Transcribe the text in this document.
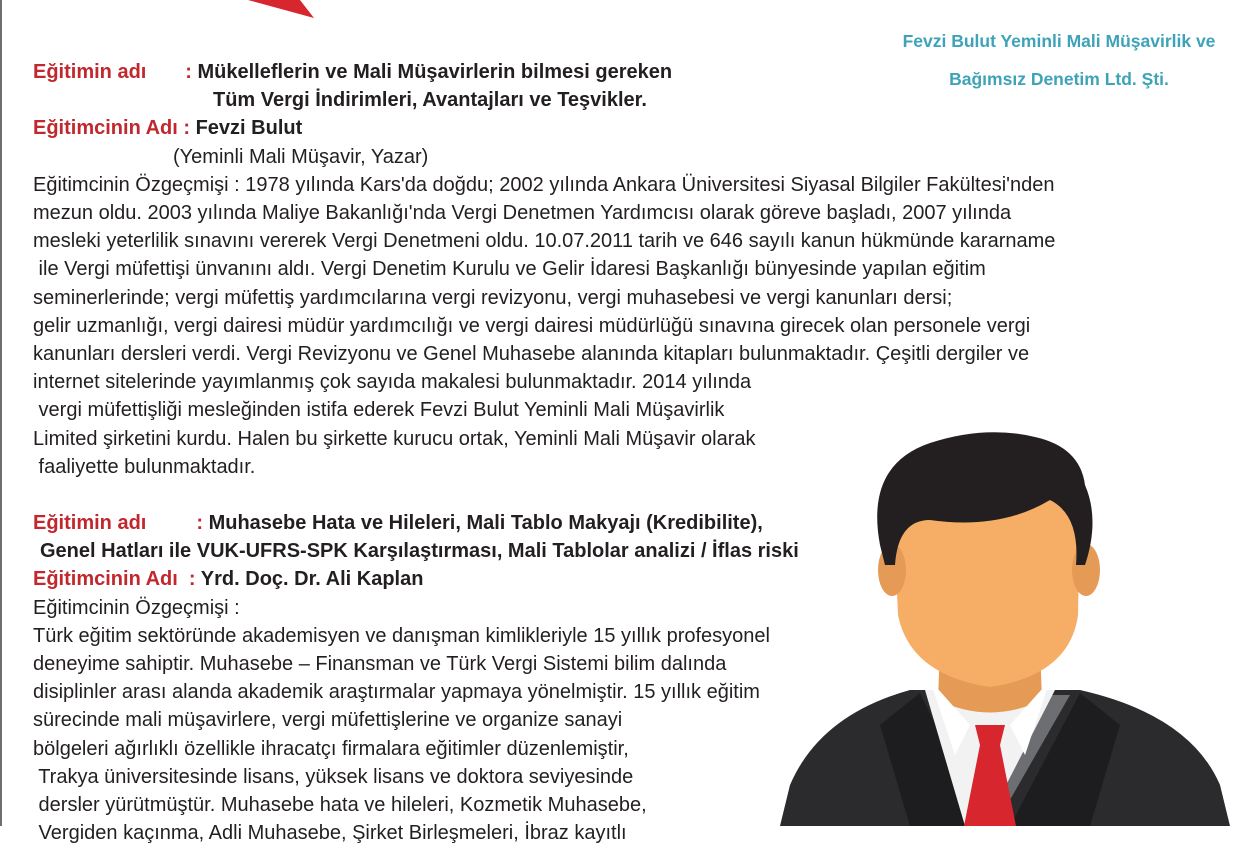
Fevzi Bulut Yeminli Mali Müşavirlik ve
Bağımsız Denetim Ltd. Şti.
Eğitimin adı       : Mükelleflerin ve Mali Müşavirlerin bilmesi gereken
Tüm Vergi İndirimleri, Avantajları ve Teşvikler.
Eğitimcinin Adı : Fevzi Bulut
(Yeminli Mali Müşavir, Yazar)
Eğitimcinin Özgeçmişi : 1978 yılında Kars'da doğdu; 2002 yılında Ankara Üniversitesi Siyasal Bilgiler Fakültesi'nden
mezun oldu. 2003 yılında Maliye Bakanlığı'nda Vergi Denetmen Yardımcısı olarak göreve başladı, 2007 yılında
mesleki yeterlilik sınavını vererek Vergi Denetmeni oldu. 10.07.2011 tarih ve 646 sayılı kanun hükmünde kararname
ile Vergi müfettişi ünvanını aldı. Vergi Denetim Kurulu ve Gelir İdaresi Başkanlığı bünyesinde yapılan eğitim
seminerlerinde; vergi müfettiş yardımcılarına vergi revizyonu, vergi muhasebesi ve vergi kanunları dersi;
gelir uzmanlığı, vergi dairesi müdür yardımcılığı ve vergi dairesi müdürlüğü sınavına girecek olan personele vergi
kanunları dersleri verdi. Vergi Revizyonu ve Genel Muhasebe alanında kitapları bulunmaktadır. Çeşitli dergiler ve
internet sitelerinde yayımlanmış çok sayıda makalesi bulunmaktadır. 2014 yılında
vergi müfettişliği mesleğinden istifa ederek Fevzi Bulut Yeminli Mali Müşavirlik
Limited şirketini kurdu. Halen bu şirkette kurucu ortak, Yeminli Mali Müşavir olarak
faaliyette bulunmaktadır.
Eğitimin adı         : Muhasebe Hata ve Hileleri, Mali Tablo Makyajı (Kredibilite),
Genel Hatları ile VUK-UFRS-SPK Karşılaştırması, Mali Tablolar analizi / İflas riski
Eğitimcinin Adı  : Yrd. Doç. Dr. Ali Kaplan
Eğitimcinin Özgeçmişi :
Türk eğitim sektöründe akademisyen ve danışman kimlikleriyle 15 yıllık profesyonel
deneyime sahiptir. Muhasebe – Finansman ve Türk Vergi Sistemi bilim dalında
disiplinler arası alanda akademik araştırmalar yapmaya yönelmiştir. 15 yıllık eğitim
sürecinde mali müşavirlere, vergi müfettişlerine ve organize sanayi
bölgeleri ağırlıklı özellikle ihracatçı firmalara eğitimler düzenlemiştir,
Trakya üniversitesinde lisans, yüksek lisans ve doktora seviyesinde
dersler yürütmüştür. Muhasebe hata ve hileleri, Kozmetik Muhasebe,
Vergiden kaçınma, Adli Muhasebe, Şirket Birleşmeleri, İbraz kayıtlı
